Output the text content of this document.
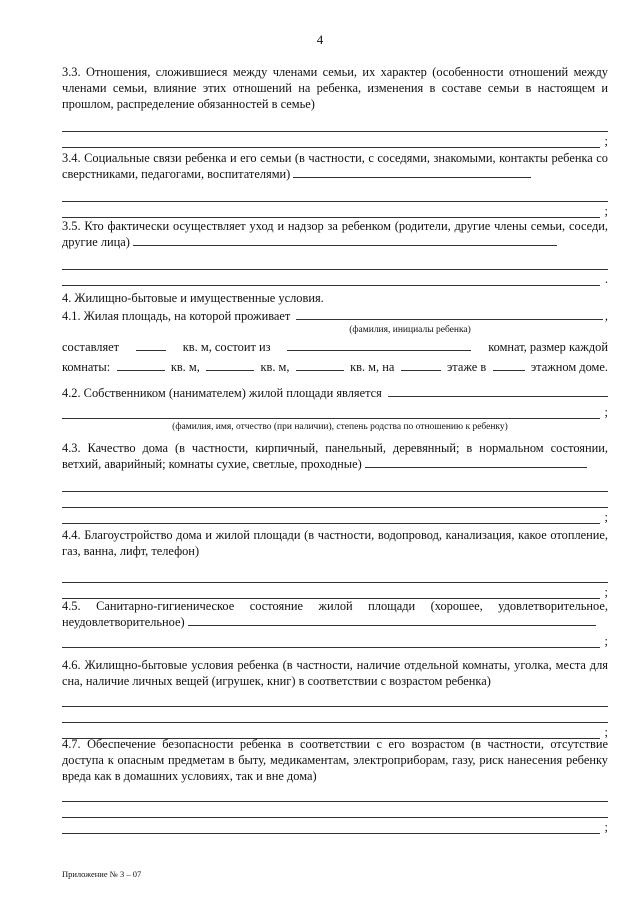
4
3.3. Отношения, сложившиеся между членами семьи, их характер (особенности отношений между членами семьи, влияние этих отношений на ребенка, изменения в составе семьи в настоящем и прошлом, распределение обязанностей в семье)
;
3.4. Социальные связи ребенка и его семьи (в частности, с соседями, знакомыми, контакты ребенка со сверстниками, педагогами, воспитателями)
;
3.5. Кто фактически осуществляет уход и надзор за ребенком (родители, другие члены семьи, соседи, другие лица)
.
4. Жилищно-бытовые и имущественные условия.
4.1. Жилая площадь, на которой проживает	,
(фамилия, инициалы ребенка)
составляет	кв. м, состоит из	комнат, размер каждой
комнаты:	кв. м,	кв. м,	кв. м, на	этаже в	этажном доме.
4.2. Собственником (нанимателем) жилой площади является
;
(фамилия, имя, отчество (при наличии), степень родства по отношению к ребенку)
4.3. Качество дома (в частности, кирпичный, панельный, деревянный; в нормальном состоянии, ветхий, аварийный; комнаты сухие, светлые, проходные)
;
4.4. Благоустройство дома и жилой площади (в частности, водопровод, канализация, какое отопление, газ, ванна, лифт, телефон)
;
4.5. Санитарно-гигиеническое состояние жилой площади (хорошее, удовлетворительное, неудовлетворительное)
;
4.6. Жилищно-бытовые условия ребенка (в частности, наличие отдельной комнаты, уголка, места для сна, наличие личных вещей (игрушек, книг) в соответствии с возрастом ребенка)
;
4.7. Обеспечение безопасности ребенка в соответствии с его возрастом (в частности, отсутствие доступа к опасным предметам в быту, медикаментам, электроприборам, газу, риск нанесения ребенку вреда как в домашних условиях, так и вне дома)
;
Приложение № 3 – 07
